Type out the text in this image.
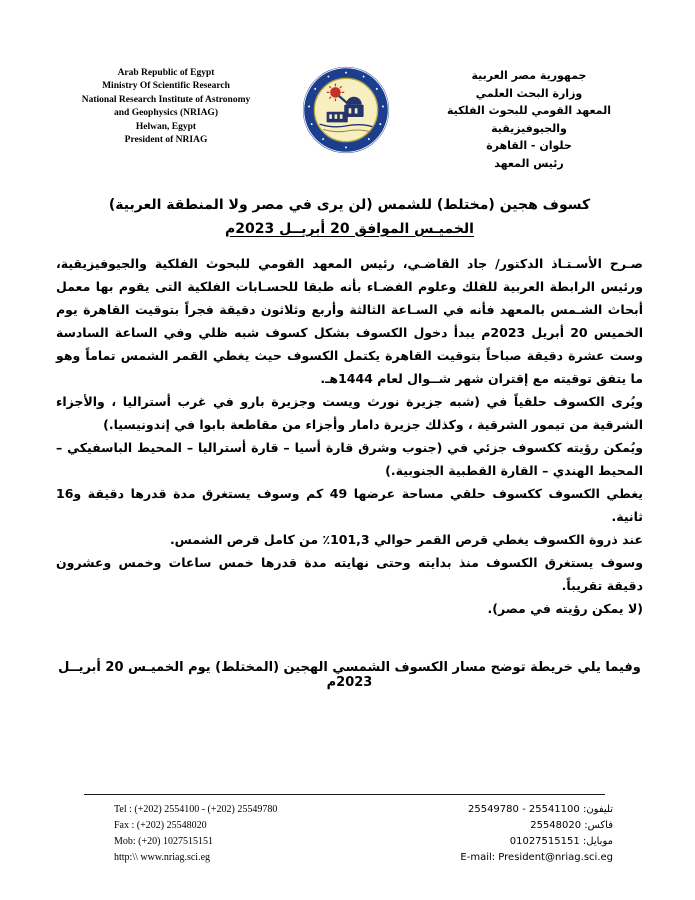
Arab Republic of Egypt
Ministry Of Scientific Research
National Research Institute of Astronomy
and Geophysics (NRIAG)
Helwan, Egypt
President of NRIAG
جمهورية مصر العربية
وزارة البحث العلمي
المعهد القومي للبحوث الفلكية والجيوفيزيقية
حلوان - القاهرة
رئيس المعهد
كسوف هجين (مختلط) للشمس (لن يرى في مصر ولا المنطقة العربية)
الخميـس الموافق 20 أبريــل 2023م

صـرح الأسـتـاذ الدكتور/ جاد القاضـي، رئيس المعهد القومي للبحوث الفلكية والجيوفيزيقية، ورئيس الرابطة العربية للفلك وعلوم الفضـاء بأنه طبقا للحسـابات الفلكية التى يقوم بها معمل أبحاث الشـمس بالمعهد فأنه في السـاعة الثالثة وأربع وثلاثون دقيقة فجراً بتوقيت القاهرة يوم الخميس 20 أبريل 2023م يبدأ دخول الكسوف بشكل كسوف شبه ظلي وفي الساعة السادسة وست عشرة دقيقة صباحاً بتوقيت القاهرة يكتمل الكسوف حيث يغطي القمر الشمس تماماً وهو ما يتفق توقيته مع إقتران شهر شــوال لعام 1444هـ.

ويُرى الكسوف حلقياً في (شبه جزيرة نورث ويست وجزيرة بارو في غرب أستراليا ، والأجزاء الشرقية من تيمور الشرقية ، وكذلك جزيرة دامار وأجزاء من مقاطعة بابوا في إندونيسيا.)

ويُمكن رؤيته ككسوف جزئي في (جنوب وشرق قارة أسيا – قارة أستراليا – المحيط الباسفيكي – المحيط الهندي – القارة القطبية الجنوبية.)

يغطي الكسوف ككسوف حلقي مساحة عرضها 49 كم وسوف يستغرق مدة قدرها دقيقة و16 ثانية.

عند ذروة الكسوف يغطي قرص القمر حوالي 101,3٪ من كامل قرص الشمس.

وسوف يستغرق الكسوف منذ بدايته وحتى نهايته مدة قدرها خمس ساعات وخمس وعشرون دقيقة تقريباً.

(لا يمكن رؤيته في مصر).

وفيما يلي خريطة توضح مسار الكسوف الشمسي الهجين (المختلط) يوم الخميـس 20 أبريــل 2023م
Tel : (+202) 2554100 - (+202) 25549780
Fax : (+202) 25548020
Mob: (+20) 1027515151
http:\\ www.nriag.sci.eg
تليفون: 25541100 - 25549780
فاكس: 25548020
موبايل: 01027515151
E-mail: President@nriag.sci.eg
